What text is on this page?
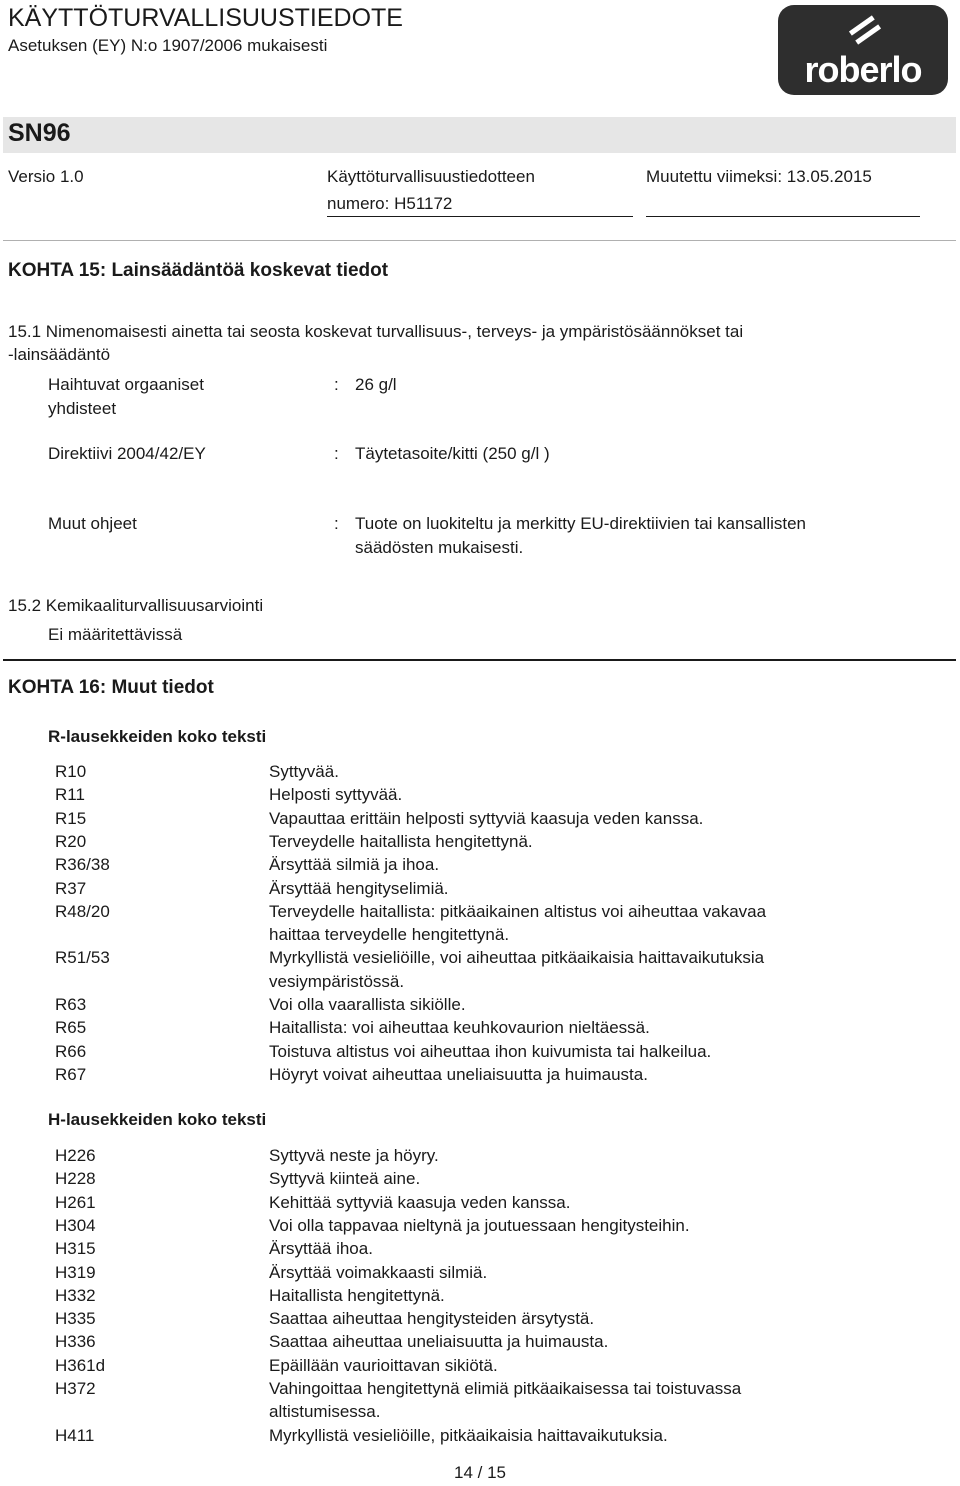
KÄYTTÖTURVALLISUUSTIEDOTE
Asetuksen (EY) N:o 1907/2006 mukaisesti
roberlo
SN96
Versio 1.0	Käyttöturvallisuustiedotteen
numero: H51172
Muutettu viimeksi: 13.05.2015
KOHTA 15: Lainsäädäntöä koskevat tiedot
15.1 Nimenomaisesti ainetta tai seosta koskevat turvallisuus-, terveys- ja ympäristösäännökset tai
-lainsäädäntö
Haihtuvat orgaaniset
yhdisteet
: 26 g/l
Direktiivi 2004/42/EY	: Täytetasoite/kitti (250 g/l )
Muut ohjeet	: Tuote on luokiteltu ja merkitty EU-direktiivien tai kansallisten
säädösten mukaisesti.
15.2 Kemikaaliturvallisuusarviointi
Ei määritettävissä
KOHTA 16: Muut tiedot
R-lausekkeiden koko teksti
R10	Syttyvää.
R11	Helposti syttyvää.
R15	Vapauttaa erittäin helposti syttyviä kaasuja veden kanssa.
R20	Terveydelle haitallista hengitettynä.
R36/38	Ärsyttää silmiä ja ihoa.
R37	Ärsyttää hengityselimiä.
R48/20	Terveydelle haitallista: pitkäaikainen altistus voi aiheuttaa vakavaa
haittaa terveydelle hengitettynä.
R51/53	Myrkyllistä vesieliöille, voi aiheuttaa pitkäaikaisia haittavaikutuksia
vesiympäristössä.
R63	Voi olla vaarallista sikiölle.
R65	Haitallista: voi aiheuttaa keuhkovaurion nieltäessä.
R66	Toistuva altistus voi aiheuttaa ihon kuivumista tai halkeilua.
R67	Höyryt voivat aiheuttaa uneliaisuutta ja huimausta.
H-lausekkeiden koko teksti
H226	Syttyvä neste ja höyry.
H228	Syttyvä kiinteä aine.
H261	Kehittää syttyviä kaasuja veden kanssa.
H304	Voi olla tappavaa nieltynä ja joutuessaan hengitysteihin.
H315	Ärsyttää ihoa.
H319	Ärsyttää voimakkaasti silmiä.
H332	Haitallista hengitettynä.
H335	Saattaa aiheuttaa hengitysteiden ärsytystä.
H336	Saattaa aiheuttaa uneliaisuutta ja huimausta.
H361d	Epäillään vaurioittavan sikiötä.
H372	Vahingoittaa hengitettynä elimiä pitkäaikaisessa tai toistuvassa
altistumisessa.
H411	Myrkyllistä vesieliöille, pitkäaikaisia haittavaikutuksia.
14 / 15
